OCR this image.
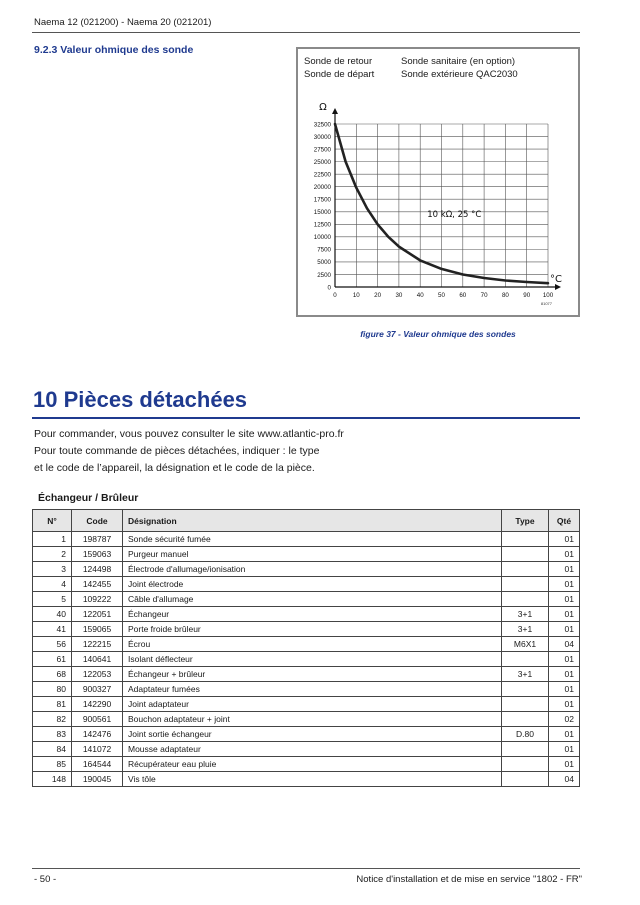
Naema 12 (021200) - Naema 20 (021201)
9.2.3 Valeur ohmique des sonde
Sonde de retour
Sonde de départ
Sonde sanitaire (en option)
Sonde extérieure QAC2030
0
2500
5000
7500
10000
12500
15000
17500
20000
22500
25000
27500
30000
32500
0	10 20 30 40 50 60 70 80 90 100
Ω
°C
10 kΩ, 25 °C
81077
figure 37 - Valeur ohmique des sondes
10 Pièces détachées
Pour commander, vous pouvez consulter le site www.atlantic-pro.fr
Pour toute commande de pièces détachées, indiquer : le type
et le code de l’appareil, la désignation et le code de la pièce.
Échangeur / Brûleur
N°	Code	Désignation	Type	Qté
1	198787	Sonde sécurité fumée		01
2	159063	Purgeur manuel		01
3	124498	Électrode d'allumage/ionisation		01
4	142455	Joint électrode		01
5	109222	Câble d'allumage		01
40	122051	Échangeur	3+1	01
41	159065	Porte froide brûleur	3+1	01
56	122215	Écrou	M6X1	04
61	140641	Isolant déflecteur		01
68	122053	Échangeur + brûleur	3+1	01
80	900327	Adaptateur fumées		01
81	142290	Joint adaptateur		01
82	900561	Bouchon adaptateur + joint		02
83	142476	Joint sortie échangeur	D.80	01
84	141072	Mousse adaptateur		01
85	164544	Récupérateur eau pluie		01
148	190045	Vis tôle		04
- 50 -	Notice d'installation et de mise en service "1802 - FR"
